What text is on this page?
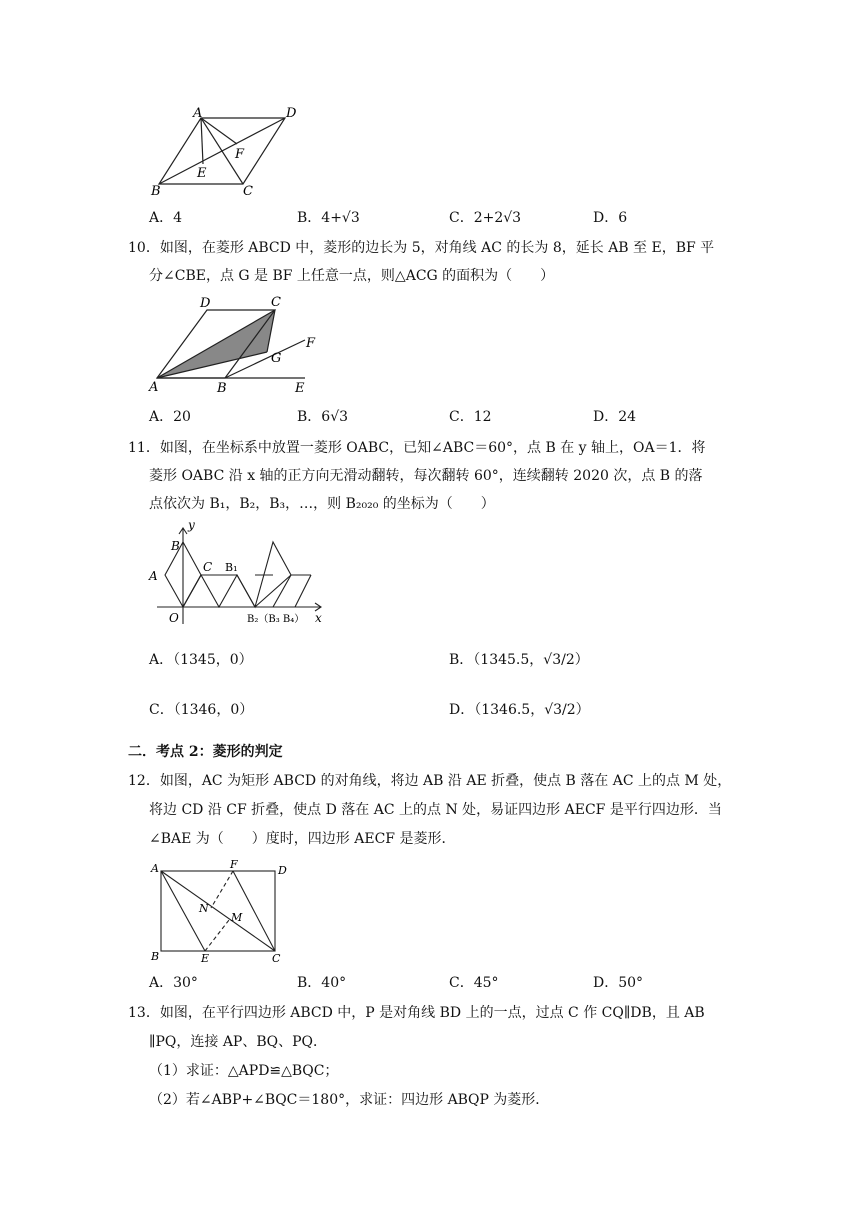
A	D
F
E
B	C
A．4	B．4+√3	C．2+2√3	D．6
10．如图，在菱形 ABCD 中，菱形的边长为 5，对角线 AC 的长为 8，延长 AB 至 E，BF 平
分∠CBE，点 G 是 BF 上任意一点，则△ACG 的面积为（　　）
D	C
F
G
A	B	E
A．20	B．6√3	C．12	D．24
11．如图，在坐标系中放置一菱形 OABC，已知∠ABC＝60°，点 B 在 y 轴上，OA＝1．将
菱形 OABC 沿 x 轴的正方向无滑动翻转，每次翻转 60°，连续翻转 2020 次，点 B 的落
点依次为 B₁，B₂，B₃，…，则 B₂₀₂₀ 的坐标为（　　）
y
B
A
C B₁
O	B₂（B₃ B₄） x
A．（1345，0）	B．（1345.5，√3/2）
C．（1346，0）	D．（1346.5，√3/2）
二．考点 2：菱形的判定
12．如图，AC 为矩形 ABCD 的对角线，将边 AB 沿 AE 折叠，使点 B 落在 AC 上的点 M 处，
将边 CD 沿 CF 折叠，使点 D 落在 AC 上的点 N 处，易证四边形 AECF 是平行四边形．当
∠BAE 为（　　）度时，四边形 AECF 是菱形．
A	F	D
N
M
B	E	C
A．30°	B．40°	C．45°	D．50°
13．如图，在平行四边形 ABCD 中，P 是对角线 BD 上的一点，过点 C 作 CQ∥DB，且 AB
∥PQ，连接 AP、BQ、PQ．
（1）求证：△APD≌△BQC；
（2）若∠ABP+∠BQC＝180°，求证：四边形 ABQP 为菱形．
